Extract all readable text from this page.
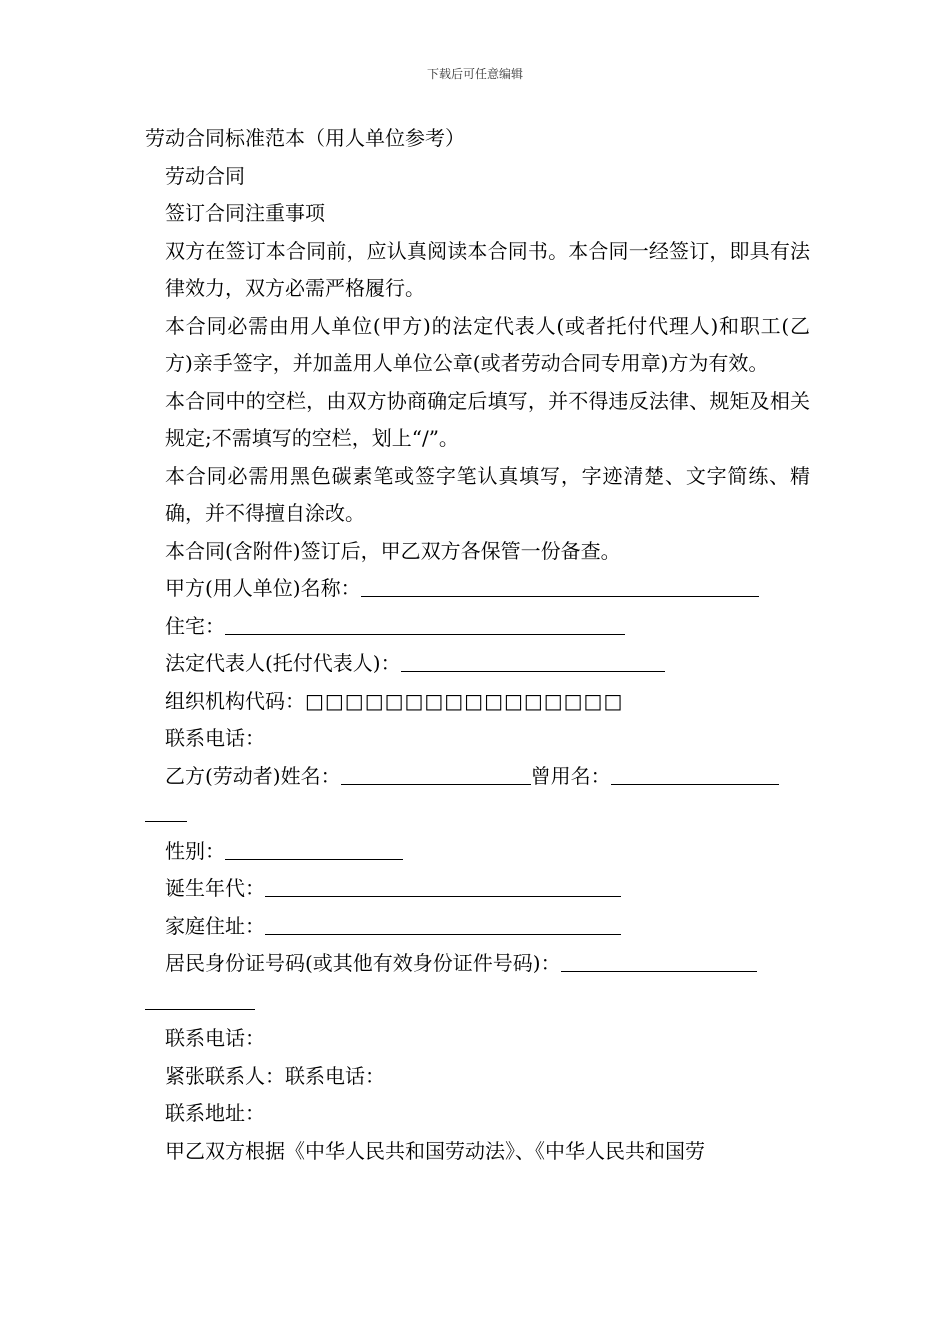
下载后可任意编辑

劳动合同标准范本（用人单位参考）

劳动合同

签订合同注重事项

双方在签订本合同前，应认真阅读本合同书。本合同一经签订，即具有法律效力，双方必需严格履行。

本合同必需由用人单位(甲方)的法定代表人(或者托付代理人)和职工(乙方)亲手签字，并加盖用人单位公章(或者劳动合同专用章)方为有效。

本合同中的空栏，由双方协商确定后填写，并不得违反法律、规矩及相关规定;不需填写的空栏，划上“/”。

本合同必需用黑色碳素笔或签字笔认真填写，字迹清楚、文字简练、精确，并不得擅自涂改。

本合同(含附件)签订后，甲乙双方各保管一份备查。

甲方(用人单位)名称：

住宅：

法定代表人(托付代表人)：

组织机构代码：□□□□□□□□□□□□□□□□

联系电话：

乙方(劳动者)姓名：	曾用名：

性别：

诞生年代：

家庭住址：

居民身份证号码(或其他有效身份证件号码)：

联系电话：

紧张联系人：联系电话：

联系地址：

甲乙双方根据《中华人民共和国劳动法》、《中华人民共和国劳
